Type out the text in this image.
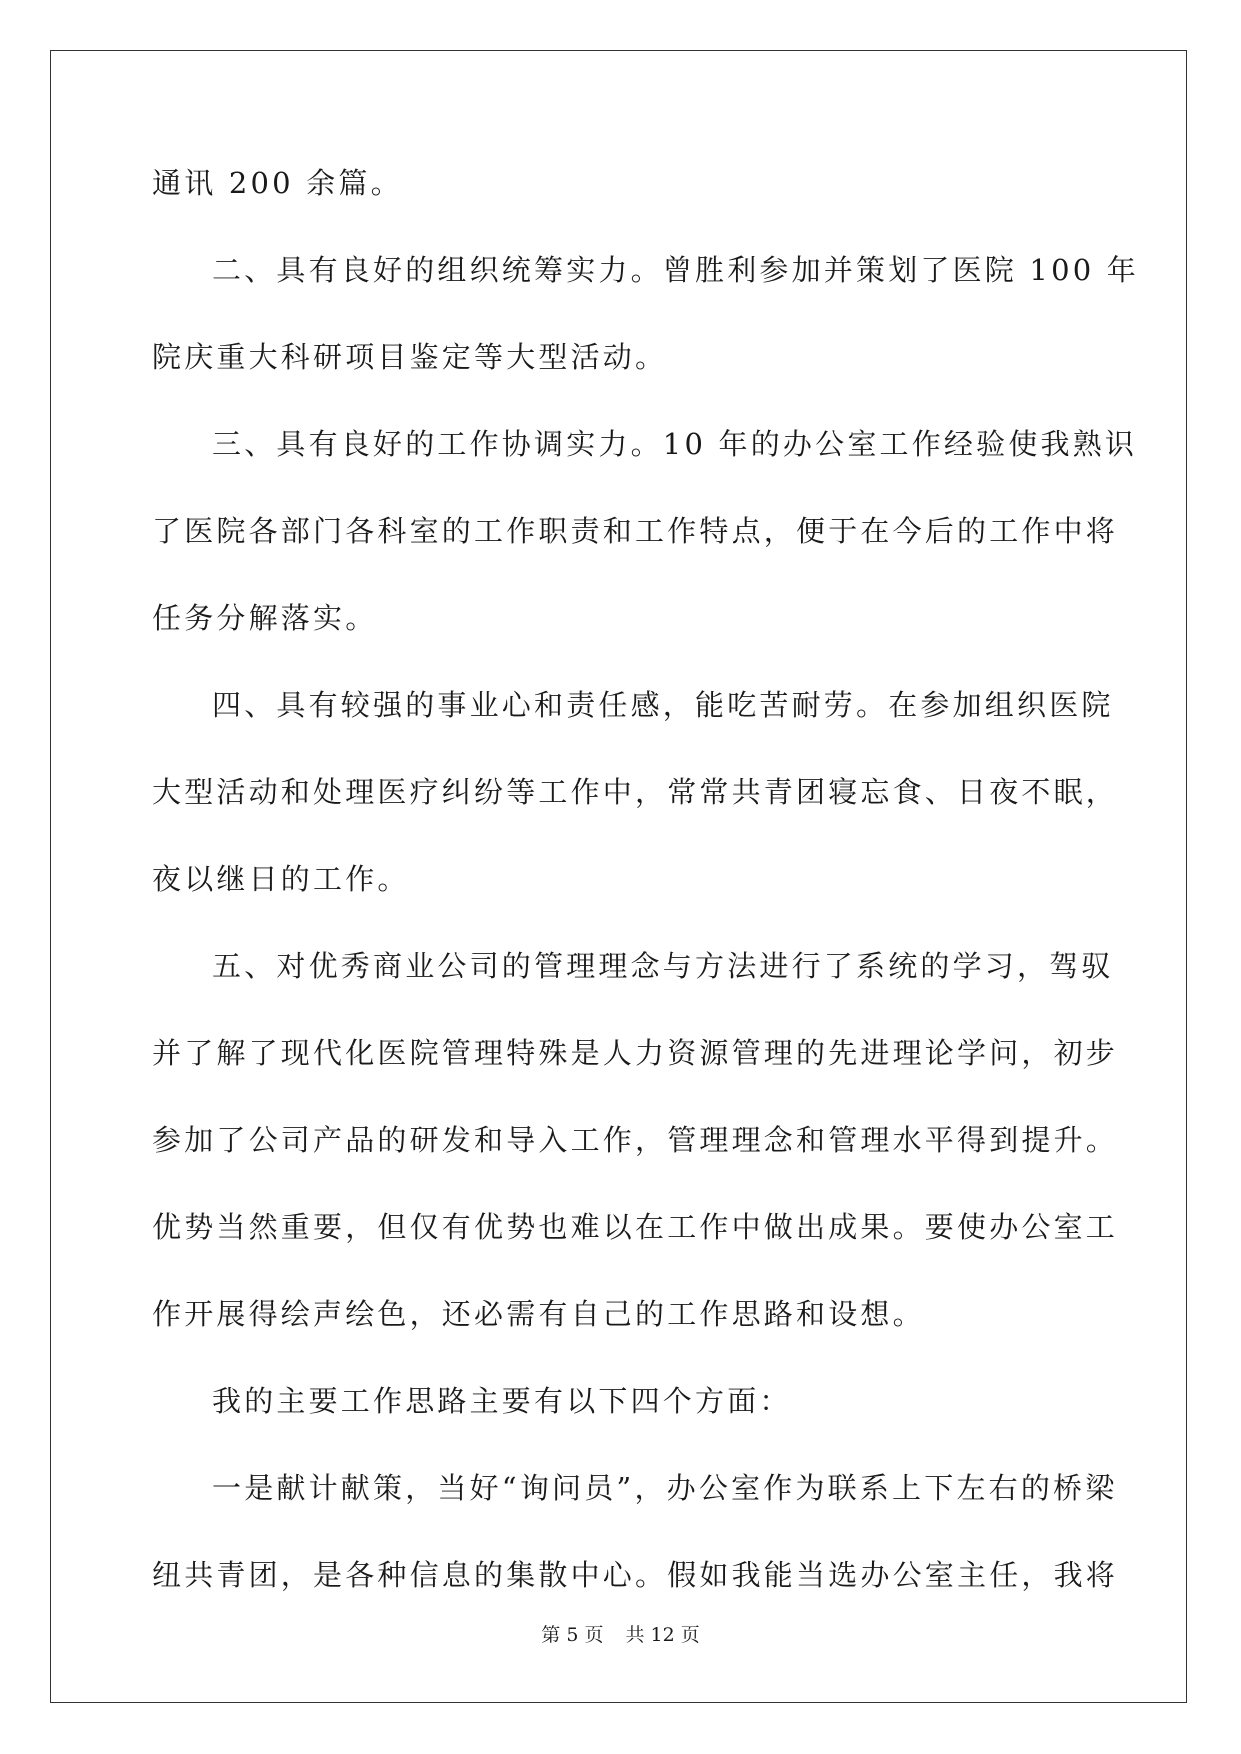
通讯 200 余篇。
二、具有良好的组织统筹实力。曾胜利参加并策划了医院 100 年
院庆重大科研项目鉴定等大型活动。
三、具有良好的工作协调实力。10 年的办公室工作经验使我熟识
了医院各部门各科室的工作职责和工作特点，便于在今后的工作中将
任务分解落实。
四、具有较强的事业心和责任感，能吃苦耐劳。在参加组织医院
大型活动和处理医疗纠纷等工作中，常常共青团寝忘食、日夜不眠，
夜以继日的工作。
五、对优秀商业公司的管理理念与方法进行了系统的学习，驾驭
并了解了现代化医院管理特殊是人力资源管理的先进理论学问，初步
参加了公司产品的研发和导入工作，管理理念和管理水平得到提升。
优势当然重要，但仅有优势也难以在工作中做出成果。要使办公室工
作开展得绘声绘色，还必需有自己的工作思路和设想。
我的主要工作思路主要有以下四个方面：
一是献计献策，当好“询问员”，办公室作为联系上下左右的桥梁
纽共青团，是各种信息的集散中心。假如我能当选办公室主任，我将
第 5 页 共 12 页
